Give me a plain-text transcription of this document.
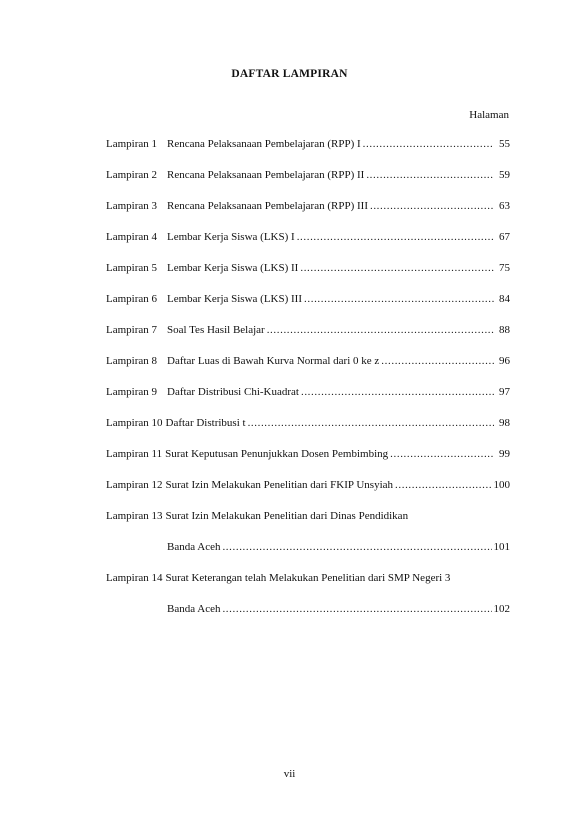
DAFTAR LAMPIRAN
Halaman
Lampiran 1 Rencana Pelaksanaan Pembelajaran (RPP) I .....	55
Lampiran 2 Rencana Pelaksanaan Pembelajaran (RPP) II .....	59
Lampiran 3 Rencana Pelaksanaan Pembelajaran (RPP) III .....	63
Lampiran 4 Lembar Kerja Siswa (LKS) I .....	67
Lampiran 5 Lembar Kerja Siswa (LKS) II .....	75
Lampiran 6 Lembar Kerja Siswa (LKS) III .....	84
Lampiran 7 Soal Tes Hasil Belajar .....	88
Lampiran 8 Daftar Luas di Bawah Kurva Normal dari 0 ke z .....	96
Lampiran 9 Daftar Distribusi Chi-Kuadrat .....	97
Lampiran 10 Daftar Distribusi t .....	98
Lampiran 11 Surat Keputusan Penunjukkan Dosen Pembimbing .....	99
Lampiran 12 Surat Izin Melakukan Penelitian dari FKIP Unsyiah .....	100
Lampiran 13 Surat Izin Melakukan Penelitian dari Dinas Pendidikan
Banda Aceh .....	101
Lampiran 14 Surat Keterangan telah Melakukan Penelitian dari SMP Negeri 3
Banda Aceh .....	102
vii
